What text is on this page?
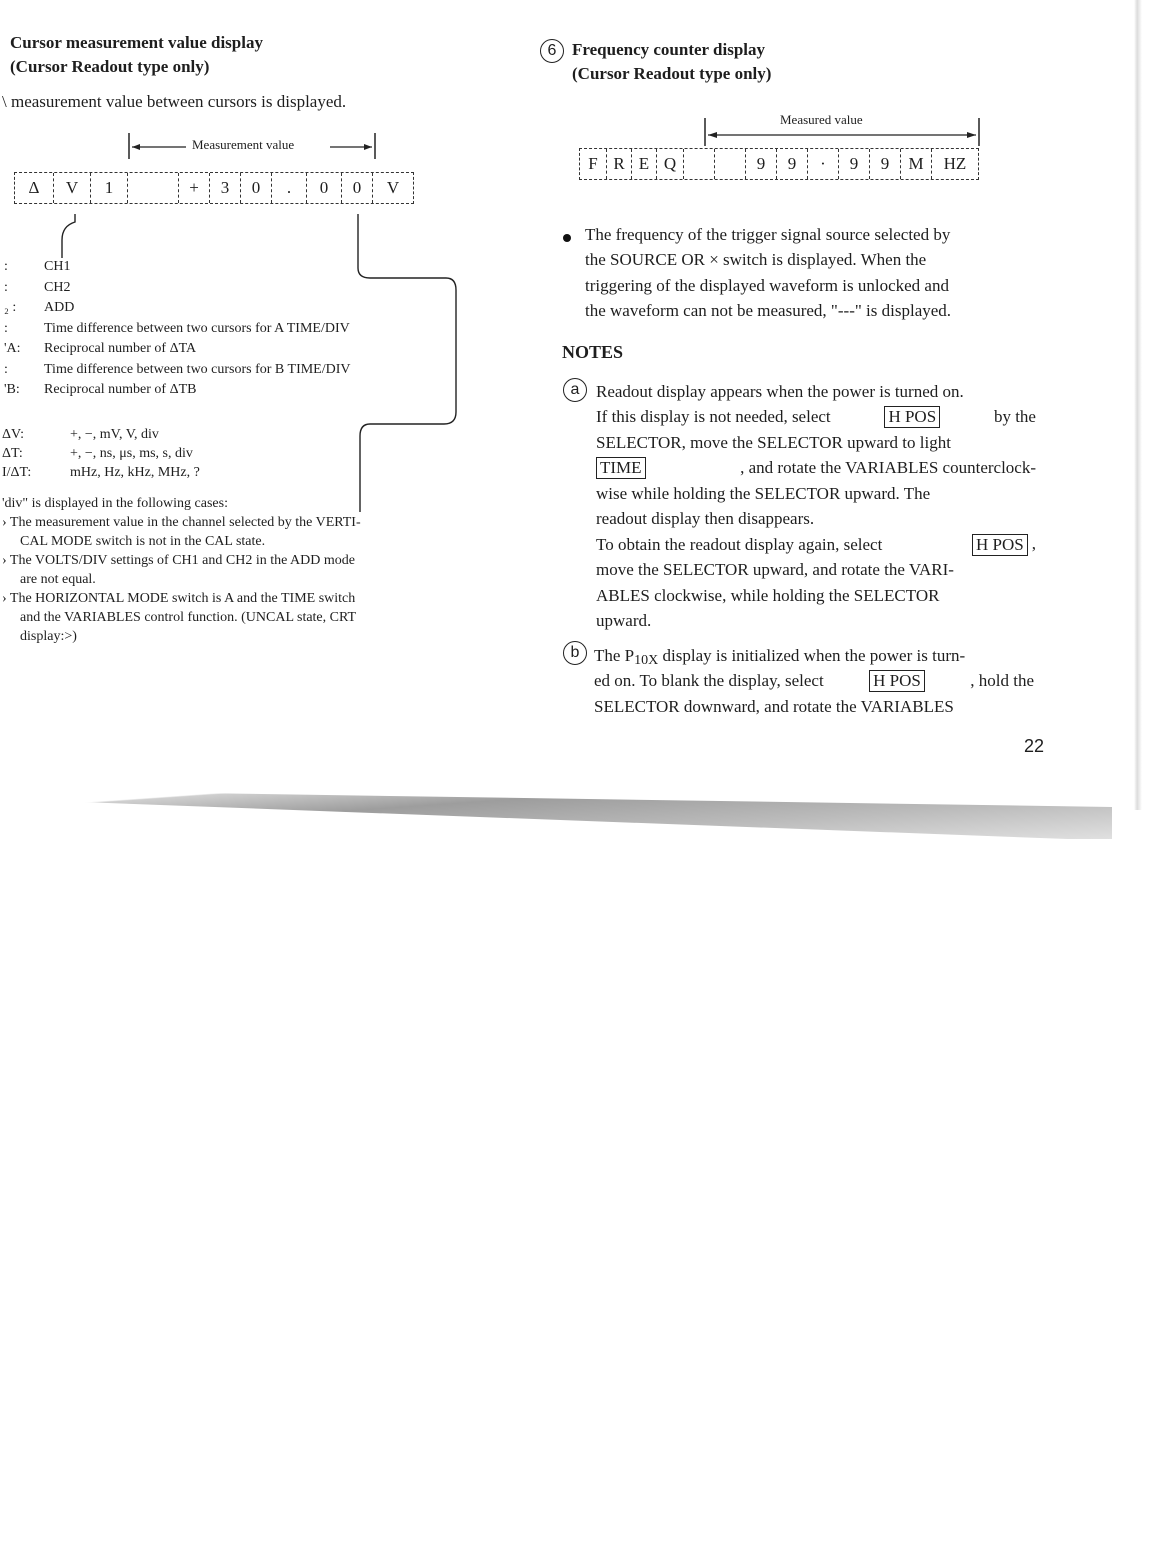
Cursor measurement value display
(Cursor Readout type only)
\ measurement value between cursors is displayed.
Measurement value
Δ	V	1	+	3	0	.	0	0	V
:	CH1
:	CH2
₂ :	ADD
:	Time difference between two cursors for A TIME/DIV
'A:	Reciprocal number of ΔTA
:	Time difference between two cursors for B TIME/DIV
'B:	Reciprocal number of ΔTB
ΔV:	+, −, mV, V, div
ΔT:	+, −, ns, μs, ms, s, div
I/ΔT:	mHz, Hz, kHz, MHz, ?
'div" is displayed in the following cases:
› The measurement value in the channel selected by the VERTI-
CAL MODE switch is not in the CAL state.
› The VOLTS/DIV settings of CH1 and CH2 in the ADD mode
are not equal.
› The HORIZONTAL MODE switch is A and the TIME switch
and the VARIABLES control function. (UNCAL state, CRT
display:>)
6 Frequency counter display
(Cursor Readout type only)
Measured value
F R E Q	9	9	·	9	9	M	HZ
The frequency of the trigger signal source selected by
the SOURCE OR × switch is displayed. When the
triggering of the displayed waveform is unlocked and
the waveform can not be measured, "---" is displayed.
NOTES
a Readout display appears when the power is turned on.
If this display is not needed, select	H POS	by the
SELECTOR, move the SELECTOR upward to light
TIME	, and rotate the VARIABLES counterclock-
wise while holding the SELECTOR upward. The
readout display then disappears.
To obtain the readout display again, select	H POS ,
move the SELECTOR upward, and rotate the VARI-
ABLES clockwise, while holding the SELECTOR
upward.
b The P 10X display is initialized when the power is turn-
ed on. To blank the display, select	H POS	, hold the
SELECTOR downward, and rotate the VARIABLES
22
